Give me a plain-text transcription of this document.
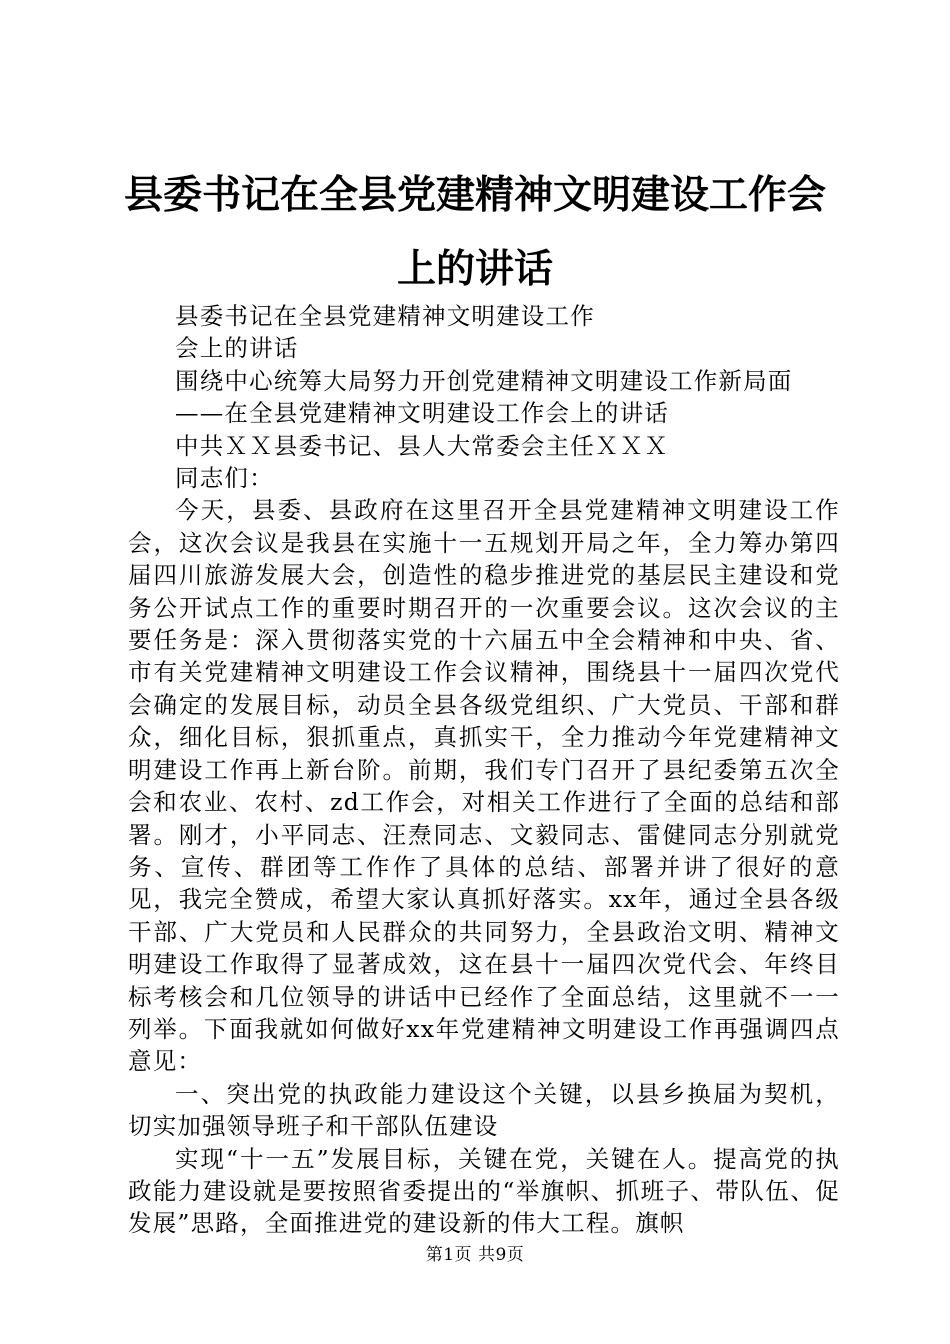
县委书记在全县党建精神文明建设工作会上的讲话

县委书记在全县党建精神文明建设工作

会上的讲话

围绕中心统筹大局努力开创党建精神文明建设工作新局面

——在全县党建精神文明建设工作会上的讲话

中共ＸＸ县委书记、县人大常委会主任ＸＸＸ

同志们：

今天，县委、县政府在这里召开全县党建精神文明建设工作会，这次会议是我县在实施十一五规划开局之年，全力筹办第四届四川旅游发展大会，创造性的稳步推进党的基层民主建设和党务公开试点工作的重要时期召开的一次重要会议。这次会议的主要任务是：深入贯彻落实党的十六届五中全会精神和中央、省、市有关党建精神文明建设工作会议精神，围绕县十一届四次党代会确定的发展目标，动员全县各级党组织、广大党员、干部和群众，细化目标，狠抓重点，真抓实干，全力推动今年党建精神文明建设工作再上新台阶。前期，我们专门召开了县纪委第五次全会和农业、农村、zd工作会，对相关工作进行了全面的总结和部署。刚才，小平同志、汪焘同志、文毅同志、雷健同志分别就党务、宣传、群团等工作作了具体的总结、部署并讲了很好的意见，我完全赞成，希望大家认真抓好落实。xx年，通过全县各级干部、广大党员和人民群众的共同努力，全县政治文明、精神文明建设工作取得了显著成效，这在县十一届四次党代会、年终目标考核会和几位领导的讲话中已经作了全面总结，这里就不一一列举。下面我就如何做好xx年党建精神文明建设工作再强调四点意见：

一、突出党的执政能力建设这个关键，以县乡换届为契机，切实加强领导班子和干部队伍建设

实现“十一五”发展目标，关键在党，关键在人。提高党的执政能力建设就是要按照省委提出的“举旗帜、抓班子、带队伍、促发展”思路，全面推进党的建设新的伟大工程。旗帜

第1页 共9页
